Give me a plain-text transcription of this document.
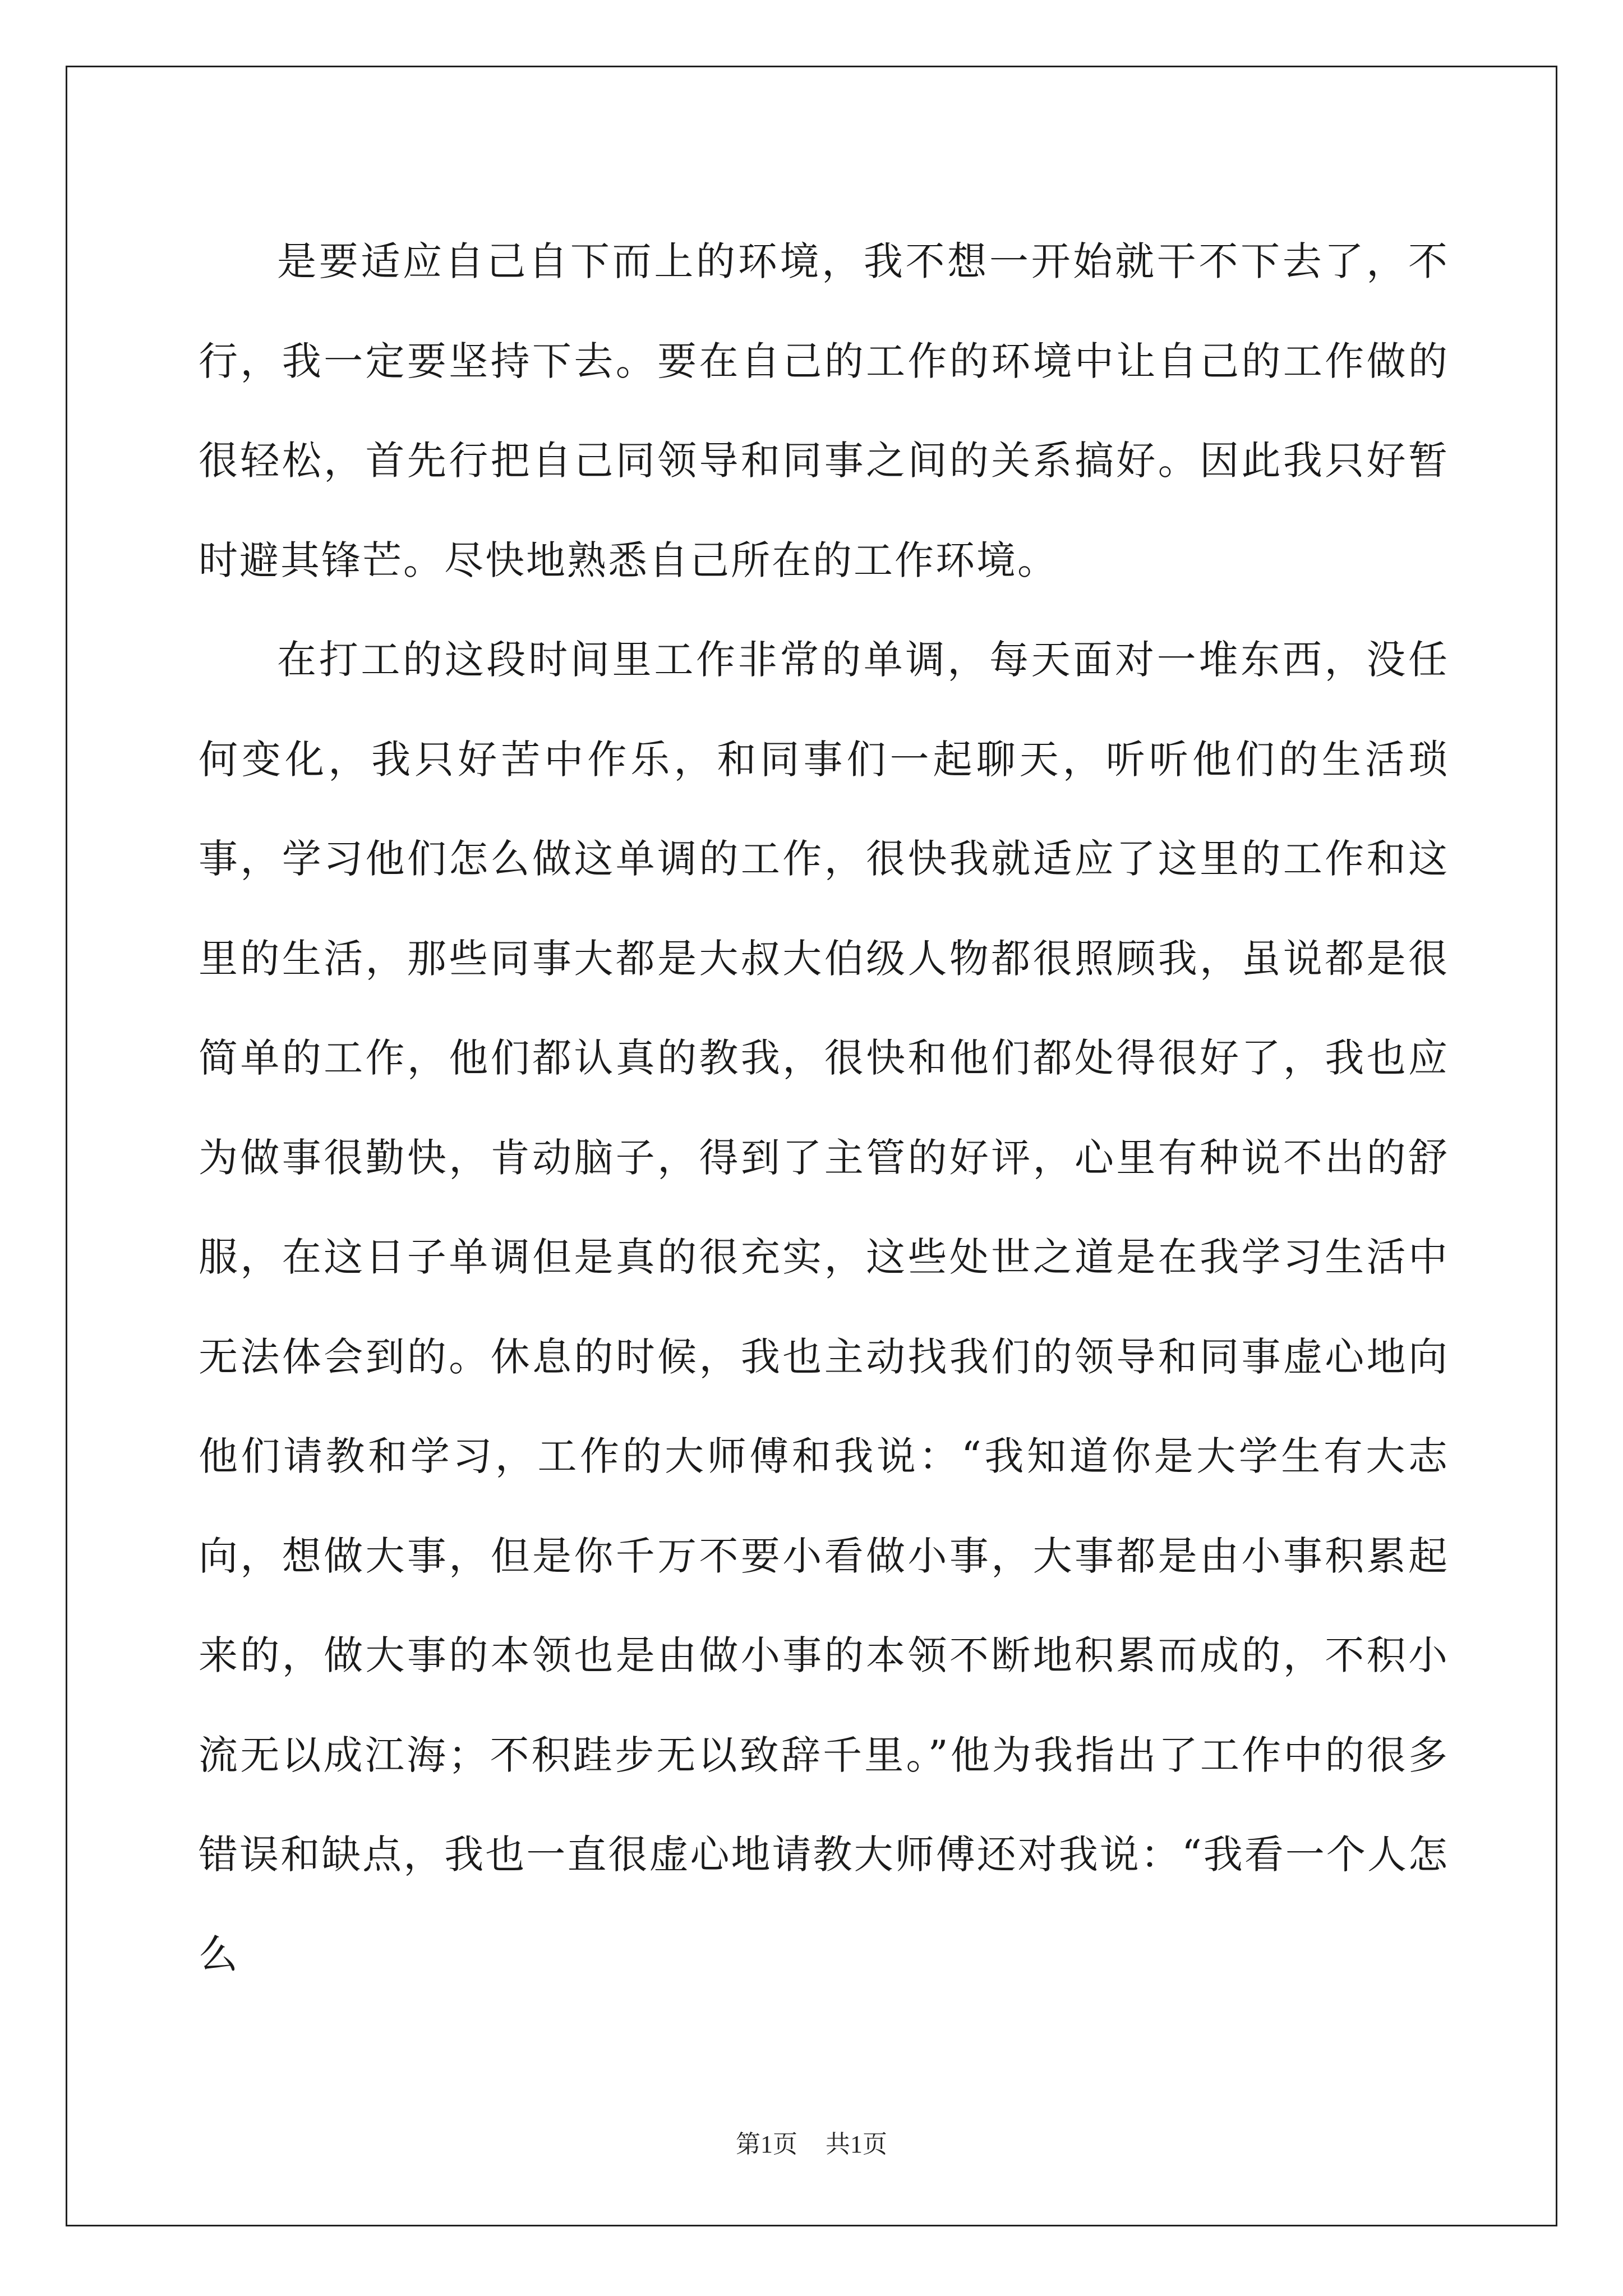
是要适应自己自下而上的环境，我不想一开始就干不下去了，不行，我一定要坚持下去。要在自己的工作的环境中让自己的工作做的很轻松，首先行把自己同领导和同事之间的关系搞好。因此我只好暂时避其锋芒。尽快地熟悉自己所在的工作环境。

在打工的这段时间里工作非常的单调，每天面对一堆东西，没任何变化，我只好苦中作乐，和同事们一起聊天，听听他们的生活琐事，学习他们怎么做这单调的工作，很快我就适应了这里的工作和这里的生活，那些同事大都是大叔大伯级人物都很照顾我，虽说都是很简单的工作，他们都认真的教我，很快和他们都处得很好了，我也应为做事很勤快，肯动脑子，得到了主管的好评，心里有种说不出的舒服，在这日子单调但是真的很充实，这些处世之道是在我学习生活中无法体会到的。休息的时候，我也主动找我们的领导和同事虚心地向他们请教和学习，工作的大师傅和我说：“我知道你是大学生有大志向，想做大事，但是你千万不要小看做小事，大事都是由小事积累起来的，做大事的本领也是由做小事的本领不断地积累而成的，不积小流无以成江海；不积跬步无以致辞千里。”他为我指出了工作中的很多错误和缺点，我也一直很虚心地请教大师傅还对我说：“我看一个人怎么

第1页 共1页
